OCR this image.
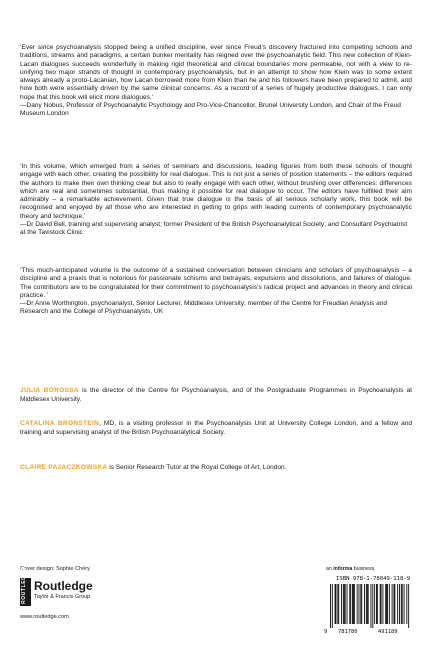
‘Ever since psychoanalysis stopped being a unified discipline, ever since Freud’s discovery fractured into competing schools and traditions, streams and paradigms, a certain bunker mentality has reigned over the psychoanalytic field. This new collection of Klein-Lacan dialogues succeeds wonderfully in making rigid theoretical and clinical boundaries more permeable, not with a view to re-unifying two major strands of thought in contemporary psychoanalysis, but in an attempt to show how Klein was to some extent always already a proto-Lacanian, how Lacan borrowed more from Klein than he and his followers have been prepared to admit, and how both were essentially driven by the same clinical concerns. As a record of a series of hugely productive dialogues, I can only hope that this book will elicit more dialogues.’

—Dany Nobus, Professor of Psychoanalytic Psychology and Pro-Vice-Chancellor, Brunel University London, and Chair of the Freud Museum London

‘In this volume, which emerged from a series of seminars and discussions, leading figures from both these schools of thought engage with each other, creating the possibility for real dialogue. This is not just a series of position statements – the editors required the authors to make their own thinking clear but also to really engage with each other, without brushing over differences: differences which are real and sometimes substantial, thus making it possible for real dialogue to occur. The editors have fulfilled their aim admirably – a remarkable achievement. Given that true dialogue is the basis of all serious scholarly work, this book will be recognised and enjoyed by all those who are interested in getting to grips with leading currents of contemporary psychoanalytic theory and technique.’

—Dr David Bell, training and supervising analyst; former President of the British Psychoanalytical Society; and Consultant Psychiatrist at the Tavistock Clinic

‘This much-anticipated volume is the outcome of a sustained conversation between clinicians and scholars of psychoanalysis – a discipline and a praxis that is notorious for passionate schisms and betrayals, expulsions and dissolutions, and failures of dialogue. The contributors are to be congratulated for their commitment to psychoanalysis’s radical project and advances in theory and clinical practice. ’

—Dr Anne Worthington, psychoanalyst, Senior Lecturer, Middlesex University; member of the Centre for Freudian Analysis and Research and the College of Psychoanalysts, UK

JULIA BOROSSA is the director of the Centre for Psychoanalysis, and of the Postgraduate Programmes in Psychoanalysis at Middlesex University.

CATALINA BRONSTEIN, MD, is a visiting professor in the Psychoanalysis Unit at University College London, and a fellow and training and supervising analyst of the British Psychoanalytical Society.

CLAIRE PAJACZKOWSKA is Senior Research Tutor at the Royal College of Art, London.

Cover design: Sophie Chéry
ROUTLEDGE Routledge
Taylor & Francis Group
www.routledge.com
an informa business
ISBN 978-1-78049-118-9
9 781780	491189
